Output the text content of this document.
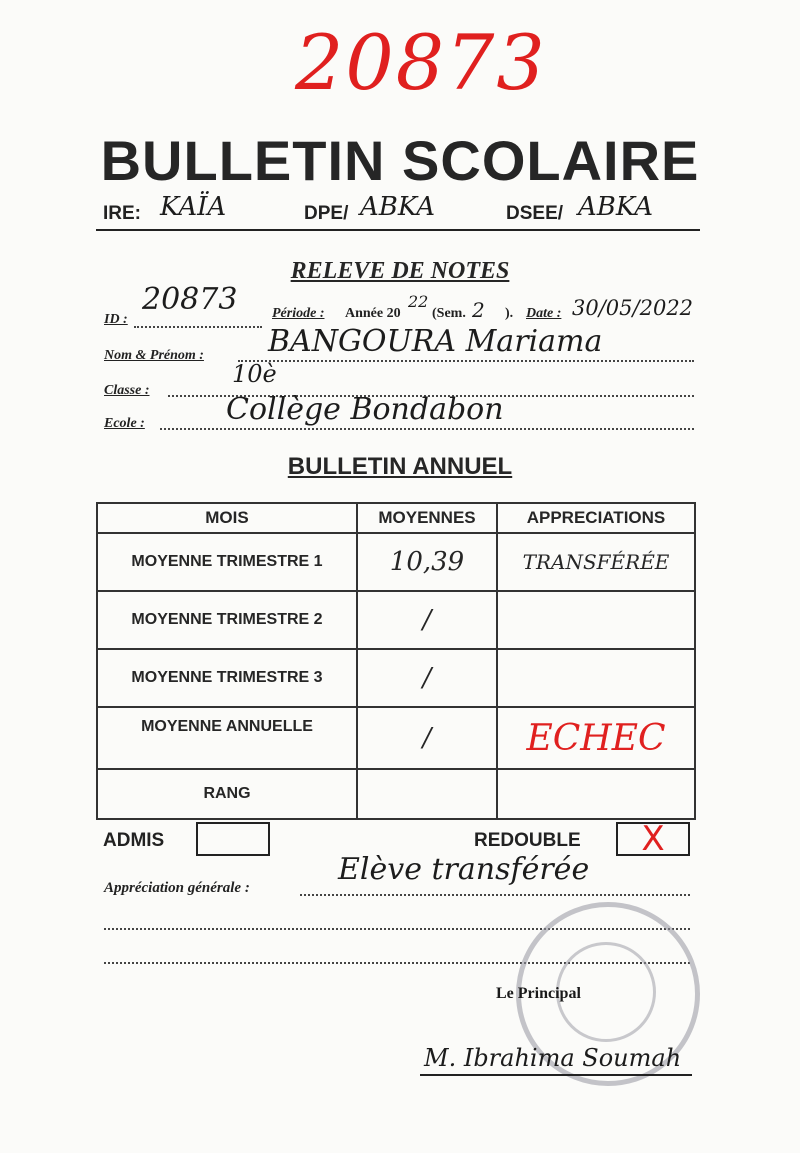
20873
BULLETIN SCOLAIRE
IRE: KAÏA	DPE/ ABKA	DSEE/ ABKA
RELEVE DE NOTES
ID :
20873 Période : Année 20
22
(Sem. 2 ). Date : 30/05/2022
Nom & Prénom : BANGOURA Mariama
Classe :
10è
Ecole :	Collège Bondabon
BULLETIN ANNUEL
MOIS	MOYENNES	APPRECIATIONS
MOYENNE TRIMESTRE 1	10,39	TRANSFÉRÉE
MOYENNE TRIMESTRE 2	/	
MOYENNE TRIMESTRE 3	/	
MOYENNE ANNUELLE	/	ECHEC
RANG		
ADMIS	REDOUBLE	X
Appréciation générale :
Elève transférée
Le Principal
M. Ibrahima Soumah
